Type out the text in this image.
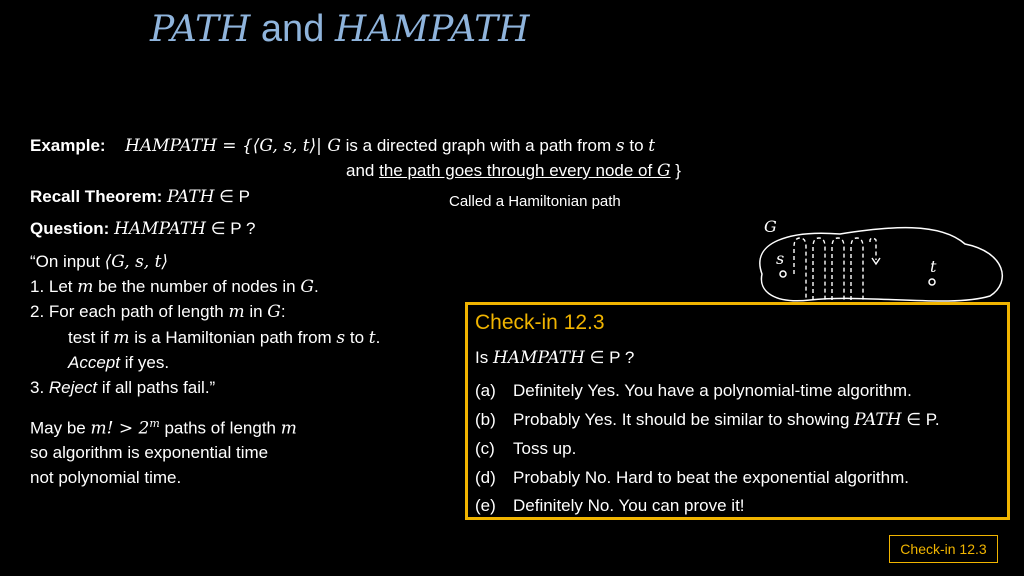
PATH and HAMPATH
Example: HAMPATH = {⟨G, s, t⟩| G is a directed graph with a path from s to t
and the path goes through every node of G }
Called a Hamiltonian path
Recall Theorem: PATH ∈ P
Question: HAMPATH ∈ P ?
“On input ⟨G, s, t⟩
1. Let m be the number of nodes in G.
2. For each path of length m in G:
test if m is a Hamiltonian path from s to t.
Accept if yes.
3. Reject if all paths fail.”
May be m! > $2^m$ paths of length m
so algorithm is exponential time
not polynomial time.
G
s	t
Check-in 12.3
Is HAMPATH ∈ P ?
(a) Definitely Yes. You have a polynomial-time algorithm.
(b) Probably Yes. It should be similar to showing PATH ∈ P.
(c) Toss up.
(d) Probably No. Hard to beat the exponential algorithm.
(e) Definitely No. You can prove it!
Check-in 12.3
